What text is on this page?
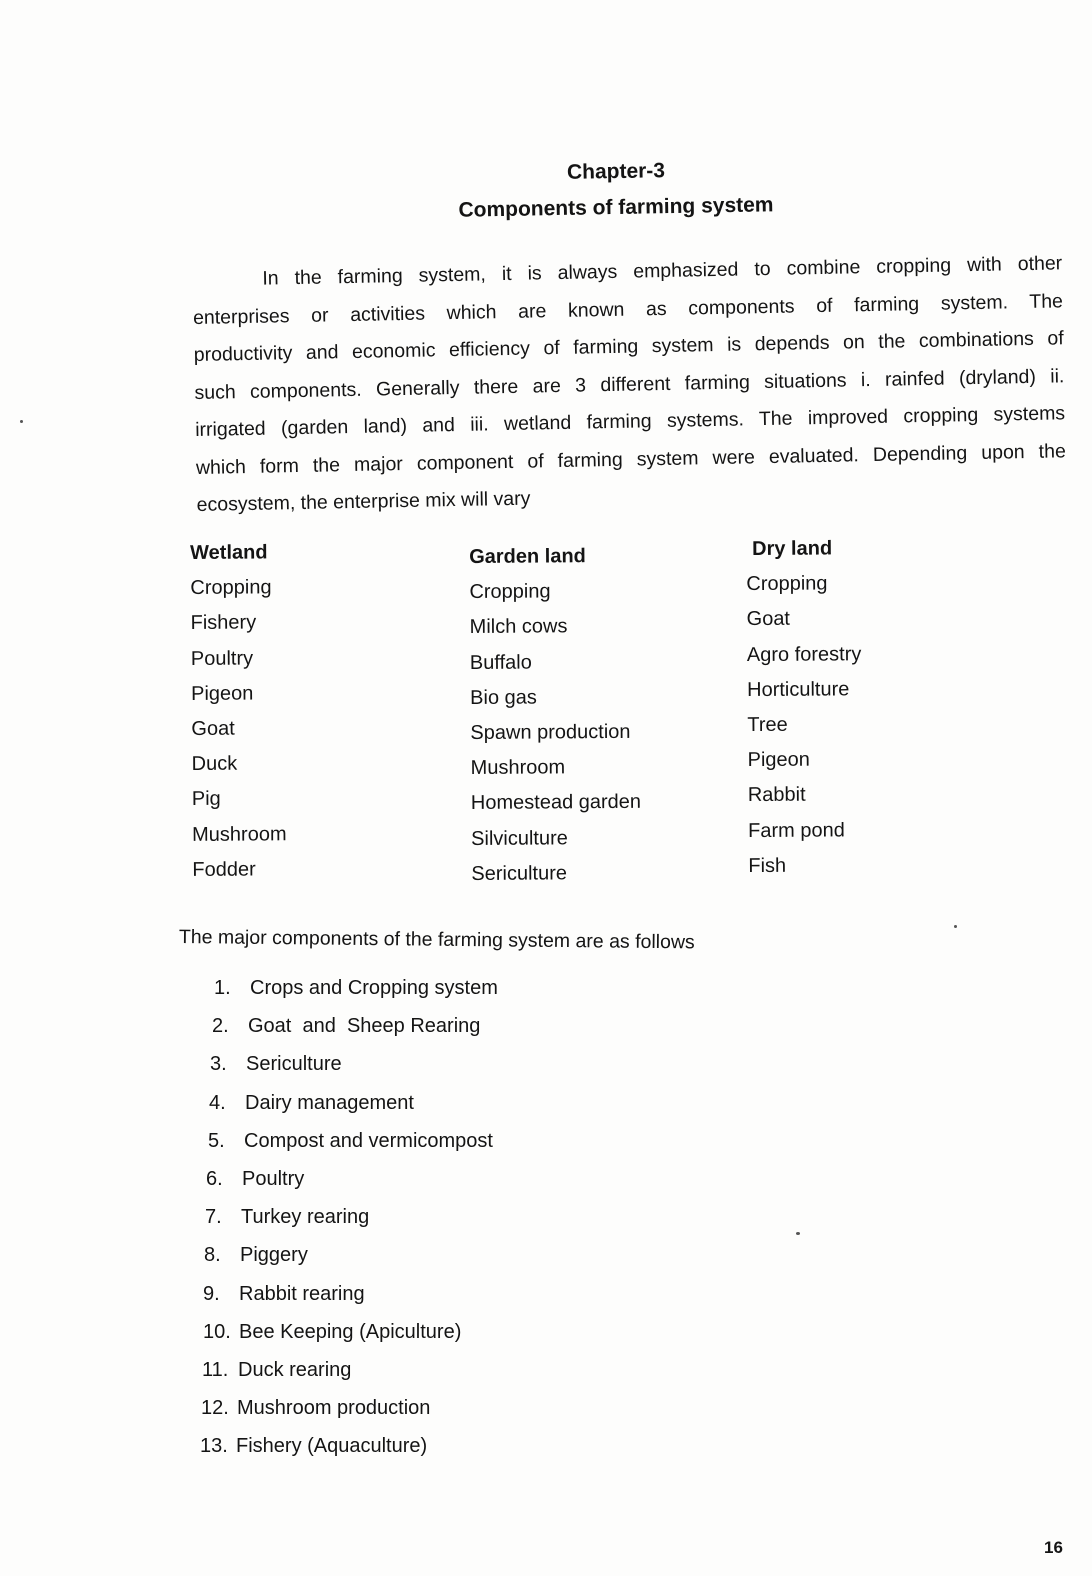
Chapter-3
Components of farming system
In the farming system, it is always emphasized to combine cropping with other
enterprises or activities which are known as components of farming system. The
productivity and economic efficiency of farming system is depends on the combinations of
such components. Generally there are 3 different farming situations i. rainfed (dryland) ii.
irrigated (garden land) and iii. wetland farming systems. The improved cropping systems
which form the major component of farming system were evaluated. Depending upon the
ecosystem, the enterprise mix will vary
Wetland
Cropping
Fishery
Poultry
Pigeon
Goat
Duck
Pig
Mushroom
Fodder
Garden land
Cropping
Milch cows
Buffalo
Bio gas
Spawn production
Mushroom
Homestead garden
Silviculture
Sericulture
Dry land
Cropping
Goat
Agro forestry
Horticulture
Tree
Pigeon
Rabbit
Farm pond
Fish
The major components of the farming system are as follows
1. Crops and Cropping system
2. Goat  and  Sheep Rearing
3. Sericulture
4. Dairy management
5. Compost and vermicompost
6. Poultry
7. Turkey rearing
8. Piggery
9. Rabbit rearing
10. Bee Keeping (Apiculture)
11. Duck rearing
12. Mushroom production
13. Fishery (Aquaculture)
16
